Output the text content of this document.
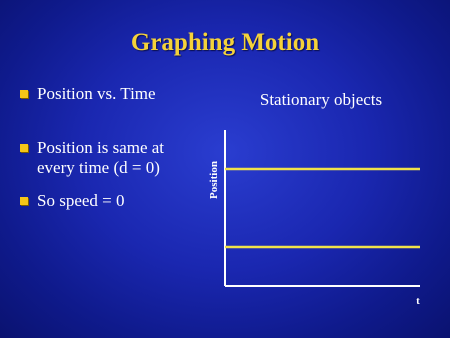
Graphing Motion
Position vs. Time
Position is same at every time (d = 0)
So speed = 0
Stationary objects
Position
t
